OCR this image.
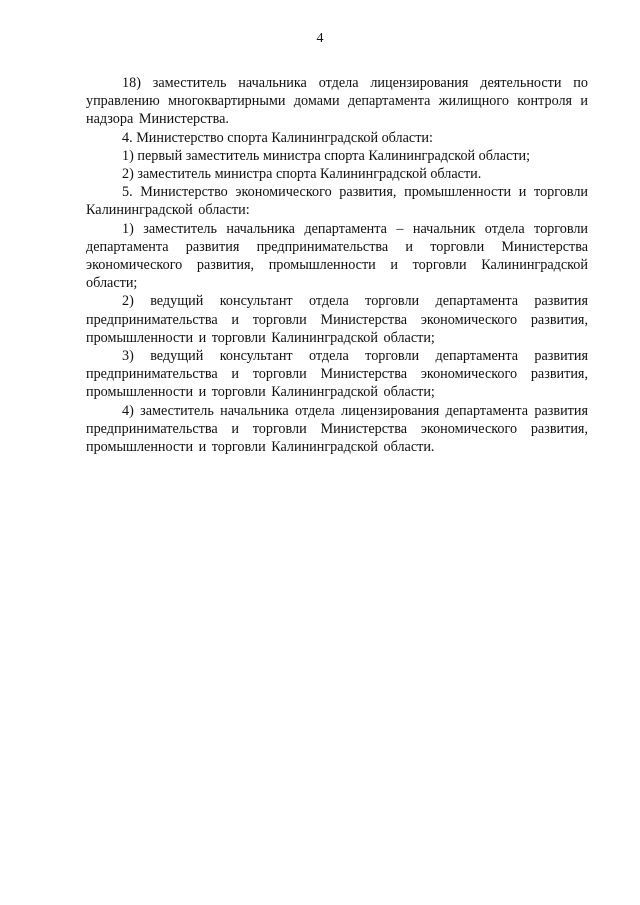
4

18) заместитель начальника отдела лицензирования деятельности по управлению многоквартирными домами департамента жилищного контроля и надзора Министерства.

4. Министерство спорта Калининградской области:

1) первый заместитель министра спорта Калининградской области;

2) заместитель министра спорта Калининградской области.

5. Министерство экономического развития, промышленности и торговли Калининградской области:

1) заместитель начальника департамента – начальник отдела торговли департамента развития предпринимательства и торговли Министерства экономического развития, промышленности и торговли Калининградской области;

2) ведущий консультант отдела торговли департамента развития предпринимательства и торговли Министерства экономического развития, промышленности и торговли Калининградской области;

3) ведущий консультант отдела торговли департамента развития предпринимательства и торговли Министерства экономического развития, промышленности и торговли Калининградской области;

4) заместитель начальника отдела лицензирования департамента развития предпринимательства и торговли Министерства экономического развития, промышленности и торговли Калининградской области.
